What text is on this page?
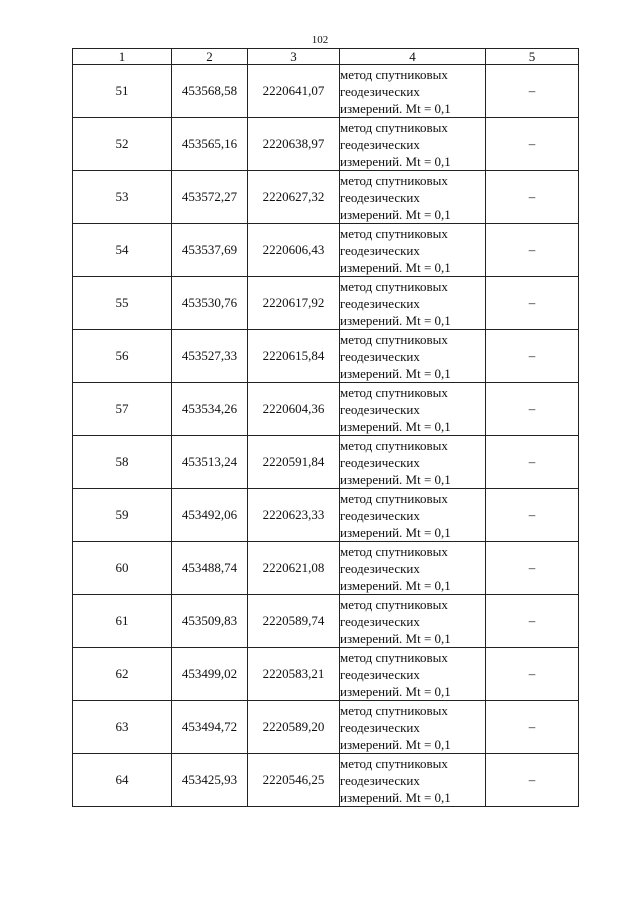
102
1	2	3	4	5
51	453568,58	2220641,07	метод спутниковых
геодезических
измерений. Mt = 0,1	–
52	453565,16	2220638,97	метод спутниковых
геодезических
измерений. Mt = 0,1	–
53	453572,27	2220627,32	метод спутниковых
геодезических
измерений. Mt = 0,1	–
54	453537,69	2220606,43	метод спутниковых
геодезических
измерений. Mt = 0,1	–
55	453530,76	2220617,92	метод спутниковых
геодезических
измерений. Mt = 0,1	–
56	453527,33	2220615,84	метод спутниковых
геодезических
измерений. Mt = 0,1	–
57	453534,26	2220604,36	метод спутниковых
геодезических
измерений. Mt = 0,1	–
58	453513,24	2220591,84	метод спутниковых
геодезических
измерений. Mt = 0,1	–
59	453492,06	2220623,33	метод спутниковых
геодезических
измерений. Mt = 0,1	–
60	453488,74	2220621,08	метод спутниковых
геодезических
измерений. Mt = 0,1	–
61	453509,83	2220589,74	метод спутниковых
геодезических
измерений. Mt = 0,1	–
62	453499,02	2220583,21	метод спутниковых
геодезических
измерений. Mt = 0,1	–
63	453494,72	2220589,20	метод спутниковых
геодезических
измерений. Mt = 0,1	–
64	453425,93	2220546,25	метод спутниковых
геодезических
измерений. Mt = 0,1	–
